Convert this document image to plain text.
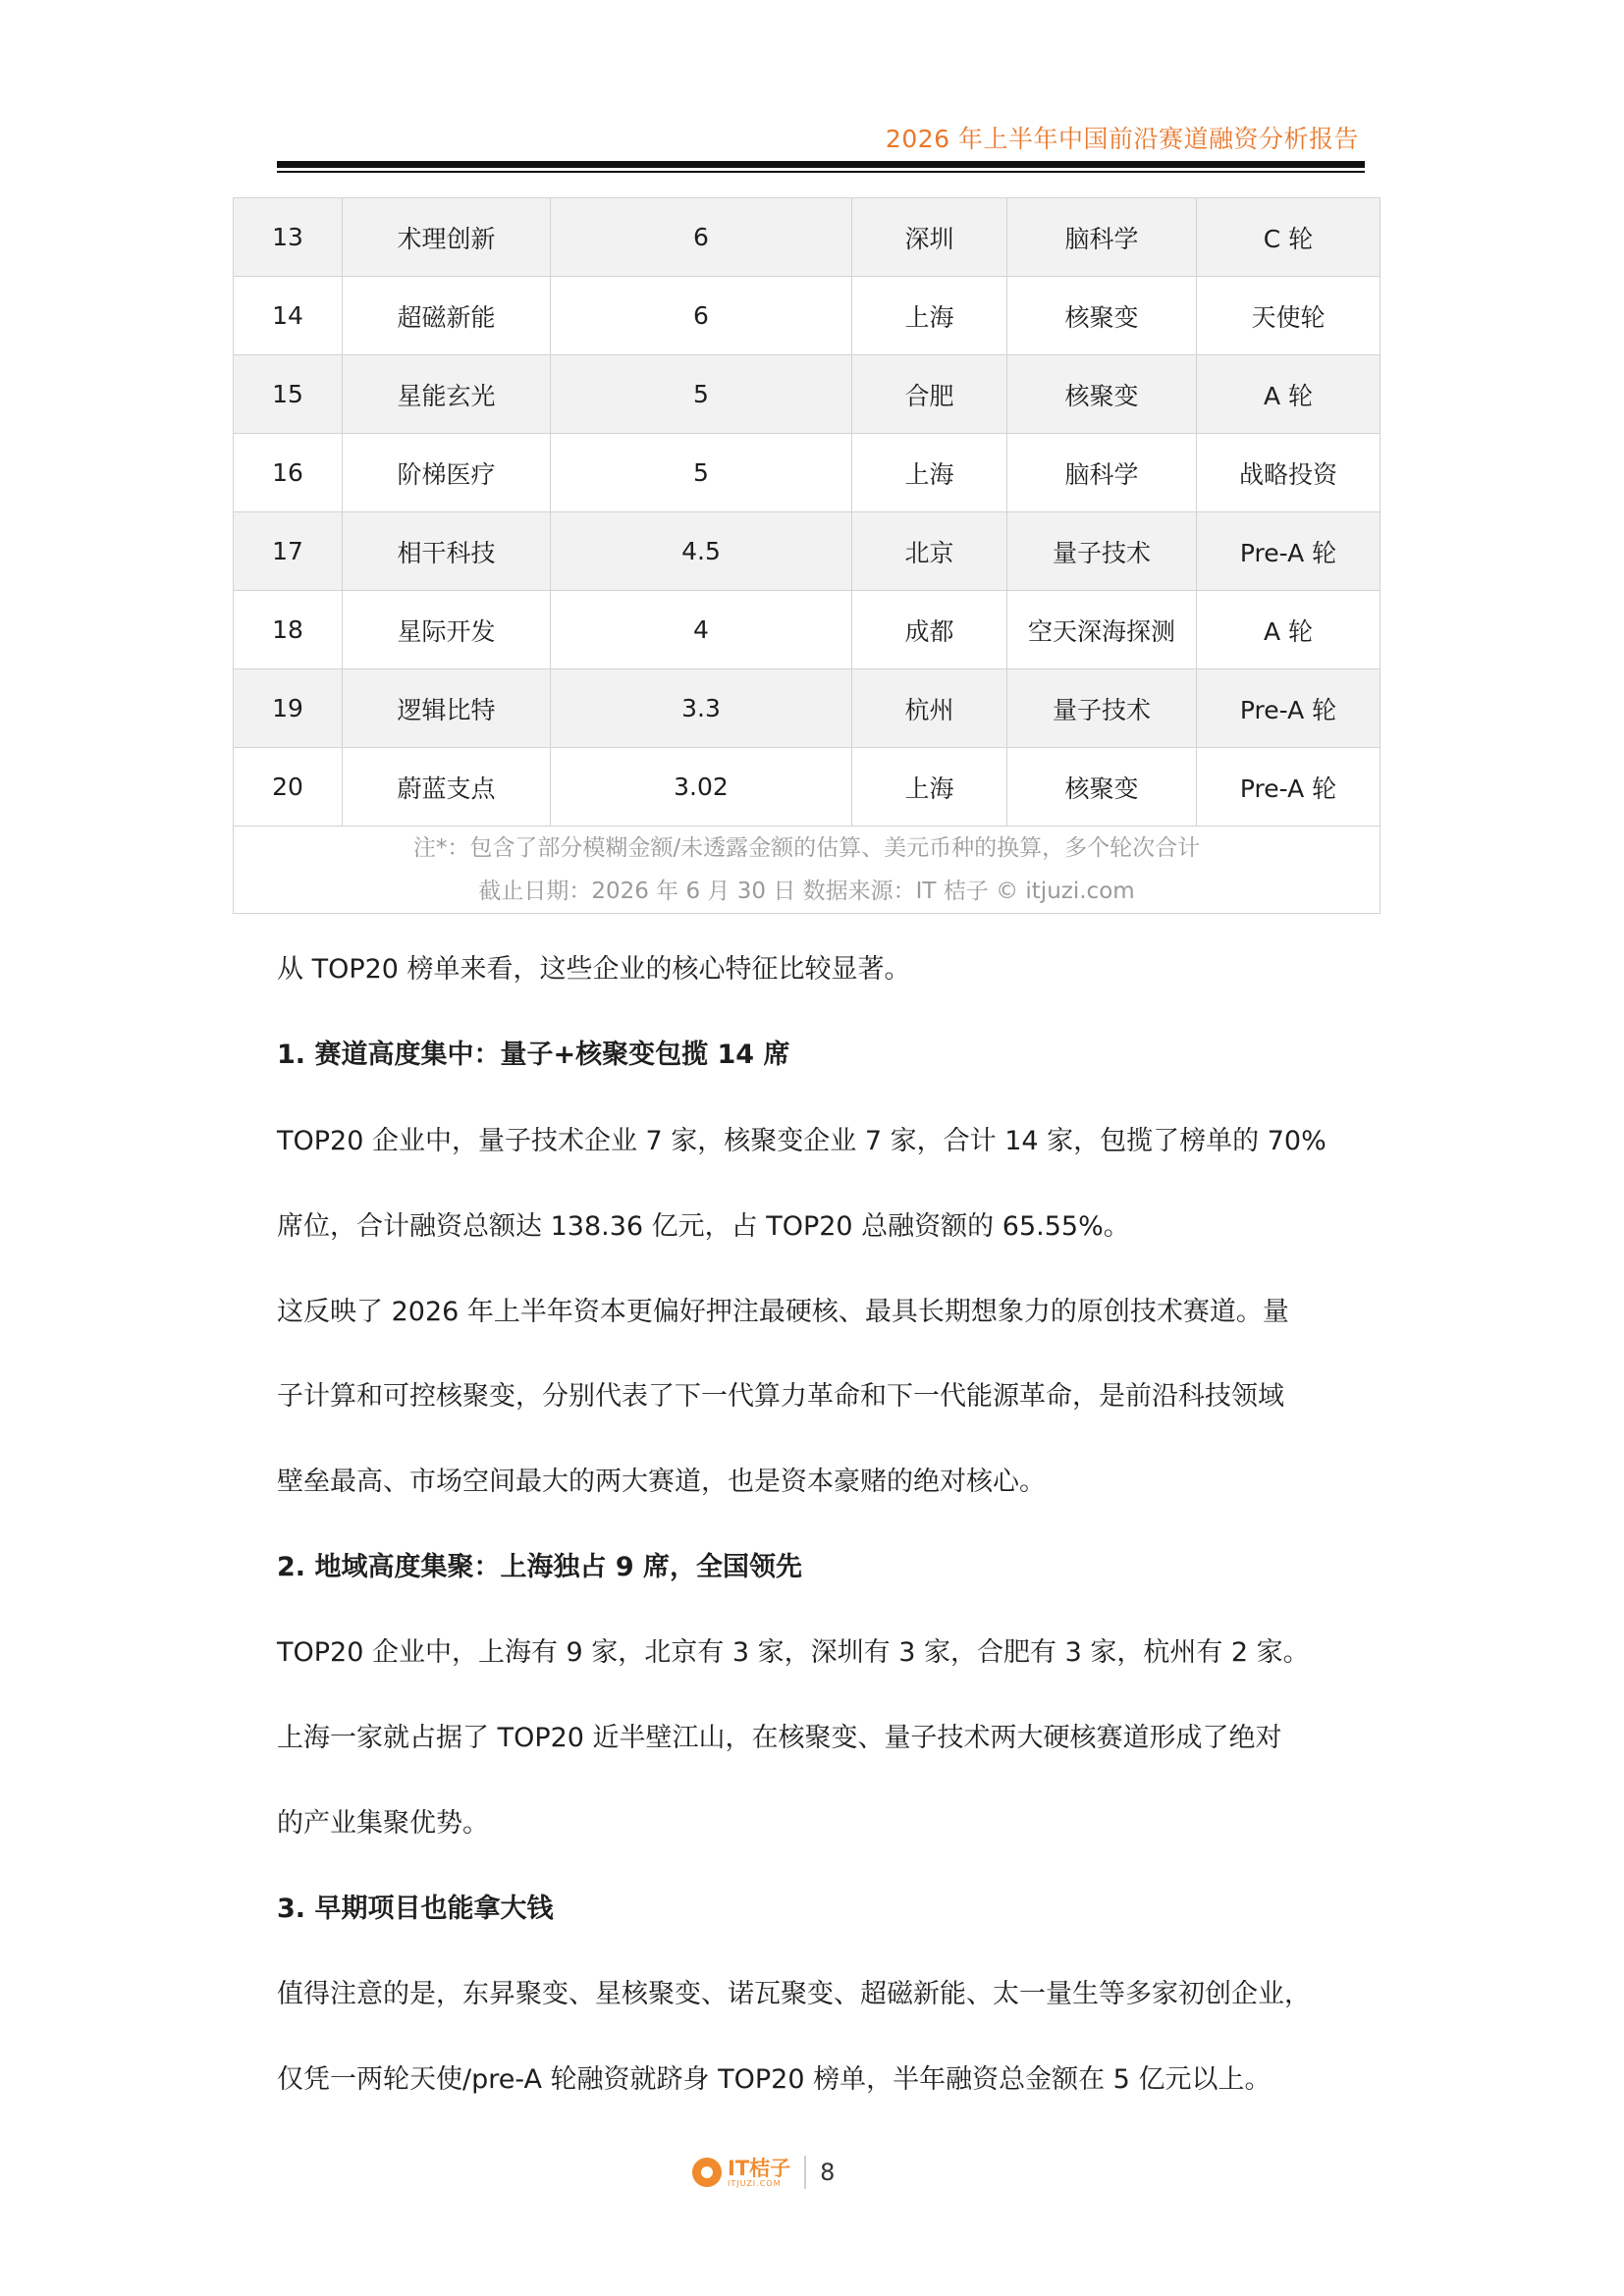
2026 年上半年中国前沿赛道融资分析报告
13	术理创新	6	深圳	脑科学	C 轮
14	超磁新能	6	上海	核聚变	天使轮
15	星能玄光	5	合肥	核聚变	A 轮
16	阶梯医疗	5	上海	脑科学	战略投资
17	相干科技	4.5	北京	量子技术	Pre-A 轮
18	星际开发	4	成都	空天深海探测	A 轮
19	逻辑比特	3.3	杭州	量子技术	Pre-A 轮
20	蔚蓝支点	3.02	上海	核聚变	Pre-A 轮

注*：包含了部分模糊金额/未透露金额的估算、美元币种的换算，多个轮次合计
截止日期：2026 年 6 月 30 日 数据来源：IT 桔子 © itjuzi.com					
从 TOP20 榜单来看，这些企业的核心特征比较显著。
1. 赛道高度集中：量子+核聚变包揽 14 席
TOP20 企业中，量子技术企业 7 家，核聚变企业 7 家，合计 14 家，包揽了榜单的 70%
席位，合计融资总额达 138.36 亿元，占 TOP20 总融资额的 65.55%。
这反映了 2026 年上半年资本更偏好押注最硬核、最具长期想象力的原创技术赛道。量
子计算和可控核聚变，分别代表了下一代算力革命和下一代能源革命，是前沿科技领域
壁垒最高、市场空间最大的两大赛道，也是资本豪赌的绝对核心。
2. 地域高度集聚：上海独占 9 席，全国领先
TOP20 企业中，上海有 9 家，北京有 3 家，深圳有 3 家，合肥有 3 家，杭州有 2 家。
上海一家就占据了 TOP20 近半壁江山，在核聚变、量子技术两大硬核赛道形成了绝对
的产业集聚优势。
3. 早期项目也能拿大钱
值得注意的是，东昇聚变、星核聚变、诺瓦聚变、超磁新能、太一量生等多家初创企业，
仅凭一两轮天使/pre-A 轮融资就跻身 TOP20 榜单，半年融资总金额在 5 亿元以上。
IT桔子
ITJUZI.COM	8
